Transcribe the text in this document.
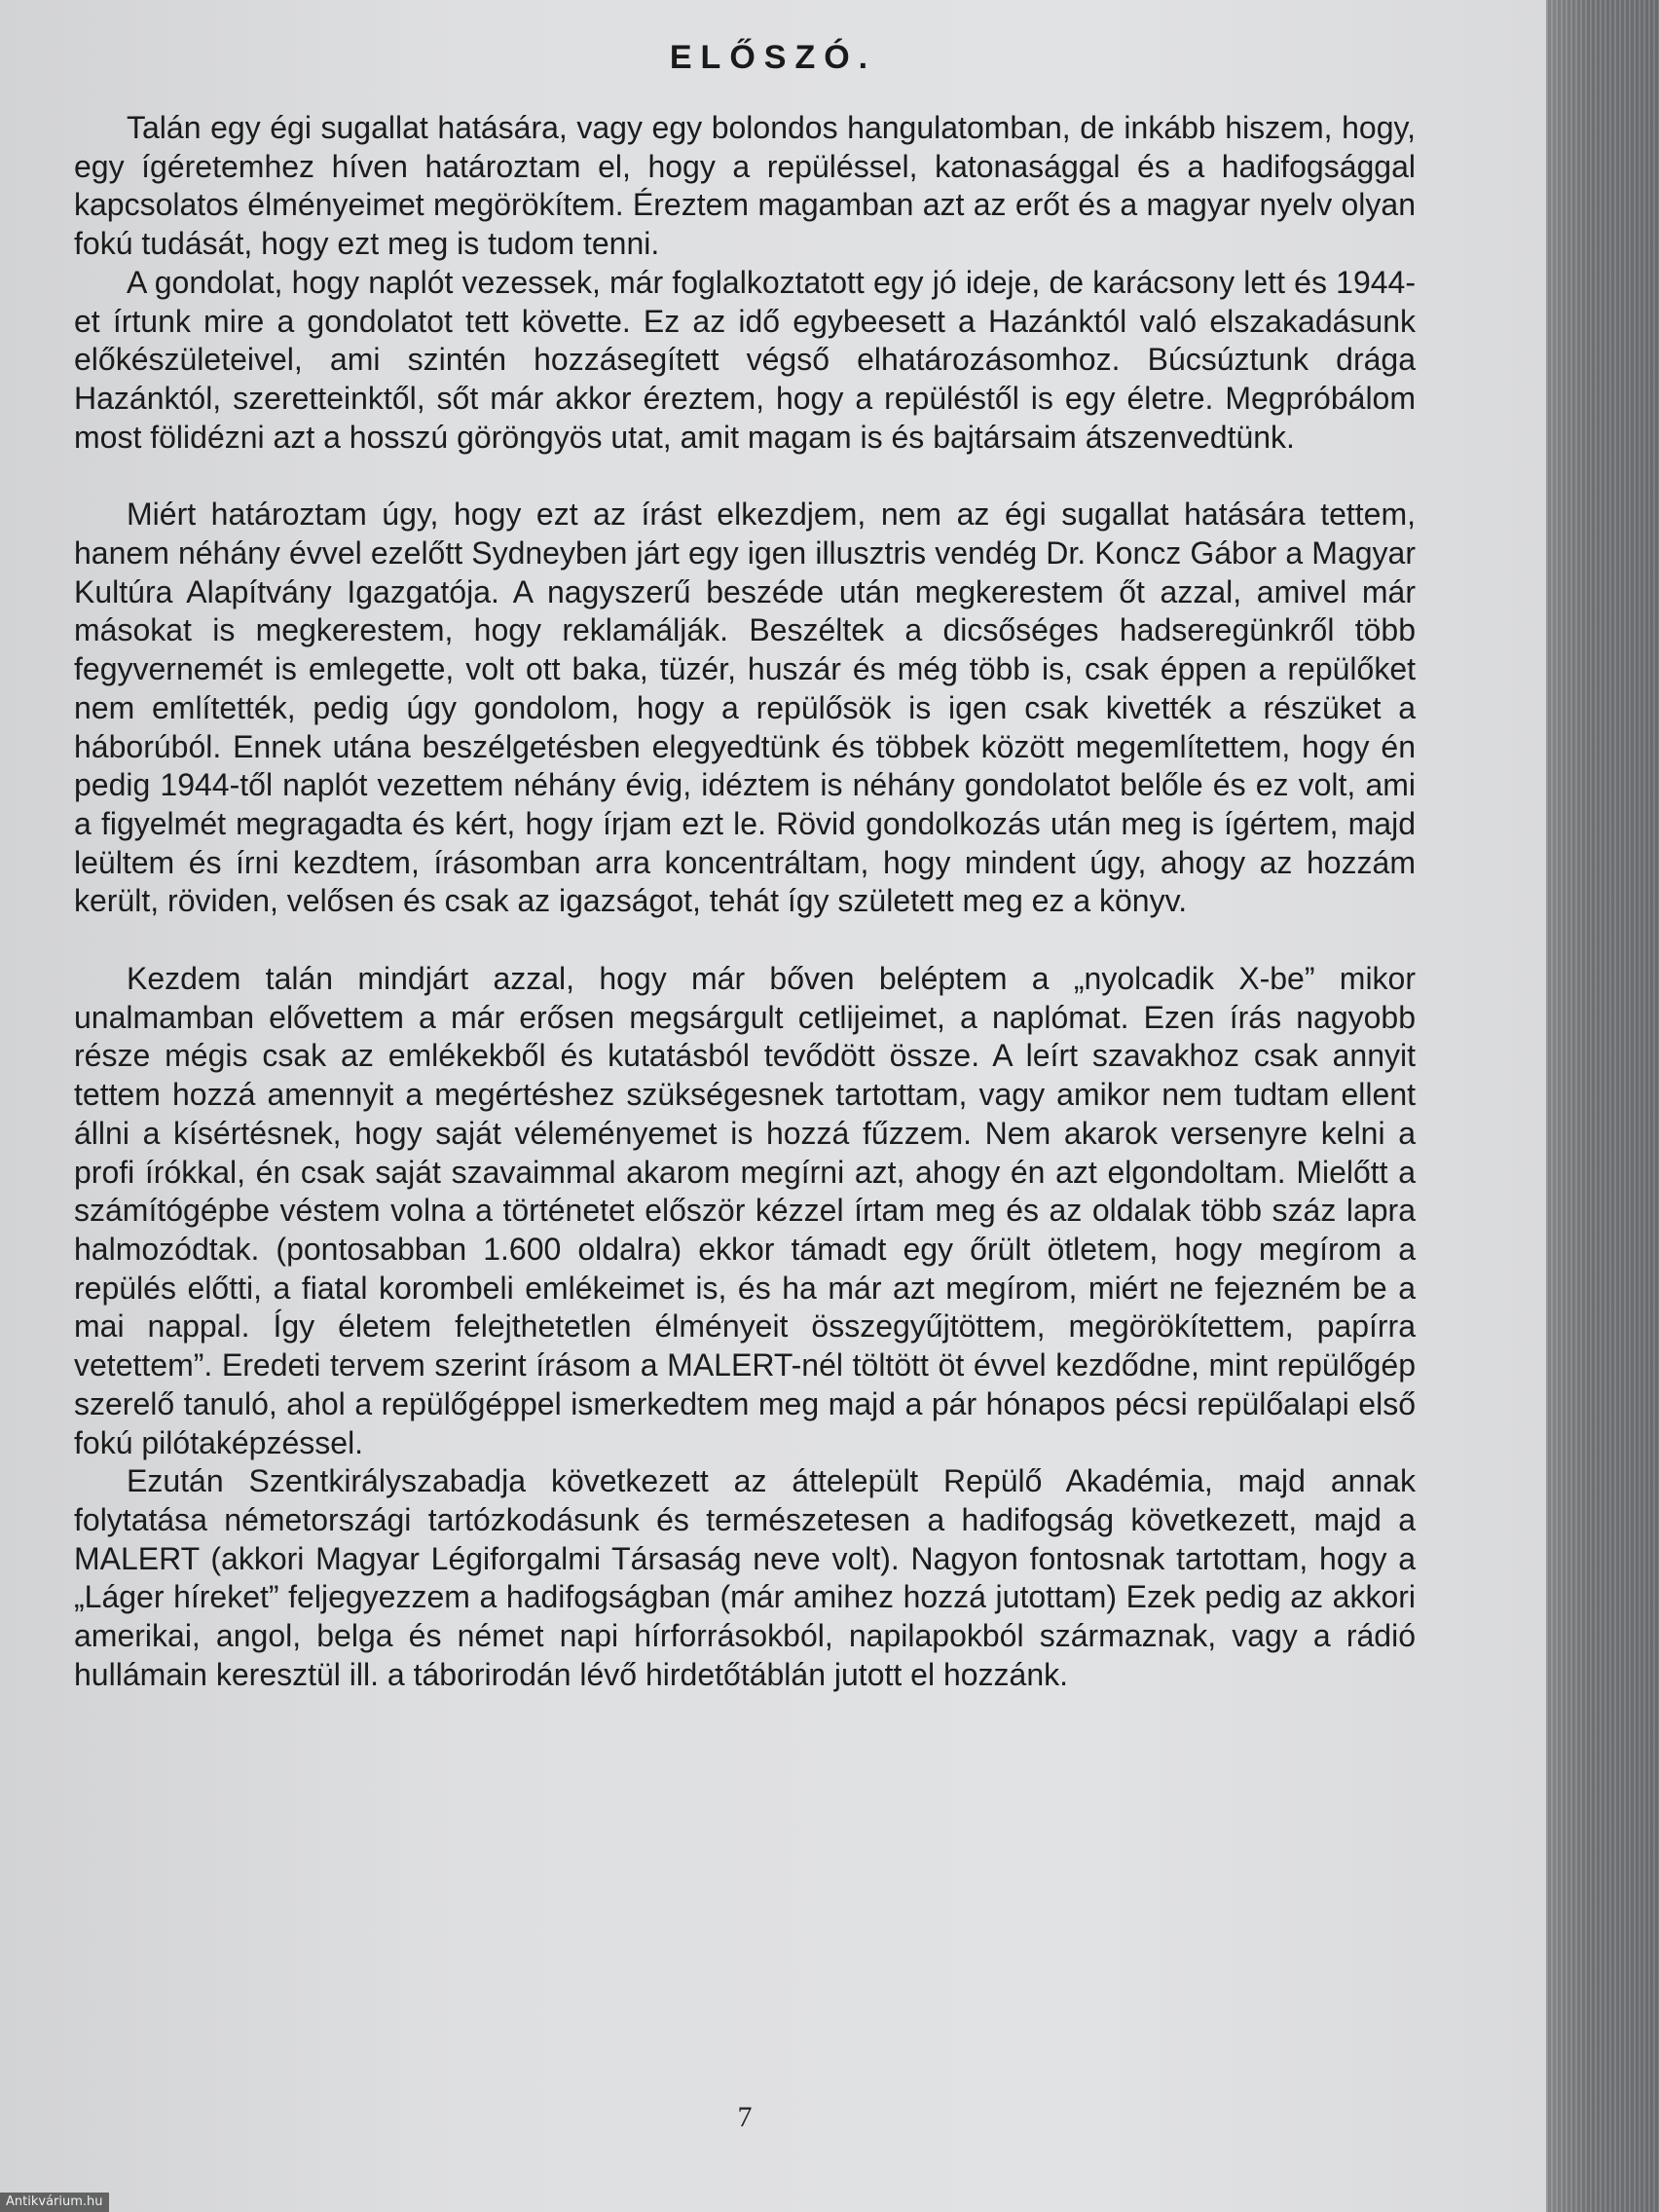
ELŐSZÓ.

Talán egy égi sugallat hatására, vagy egy bolondos hangulatomban, de inkább hiszem, hogy, egy ígéretemhez híven határoztam el, hogy a repüléssel, katonasággal és a hadifogsággal kapcsolatos élményeimet megörökítem. Éreztem magamban azt az erőt és a magyar nyelv olyan fokú tudását, hogy ezt meg is tudom tenni.

A gondolat, hogy naplót vezessek, már foglalkoztatott egy jó ideje, de karácsony lett és 1944-et írtunk mire a gondolatot tett követte. Ez az idő egybeesett a Hazánktól való elszakadásunk előkészületeivel, ami szintén hozzásegített végső elhatározásomhoz. Búcsúztunk drága Hazánktól, szeretteinktől, sőt már akkor éreztem, hogy a repüléstől is egy életre. Megpróbálom most fölidézni azt a hosszú göröngyös utat, amit magam is és bajtársaim átszenvedtünk.

Miért határoztam úgy, hogy ezt az írást elkezdjem, nem az égi sugallat hatására tettem, hanem néhány évvel ezelőtt Sydneyben járt egy igen illusztris vendég Dr. Koncz Gábor a Magyar Kultúra Alapítvány Igazgatója. A nagyszerű beszéde után megkerestem őt azzal, amivel már másokat is megkerestem, hogy reklamálják. Beszéltek a dicsőséges hadseregünkről több fegyvernemét is emlegette, volt ott baka, tüzér, huszár és még több is, csak éppen a repülőket nem említették, pedig úgy gondolom, hogy a repülősök is igen csak kivették a részüket a háborúból. Ennek utána beszélgetésben elegyedtünk és többek között megemlítettem, hogy én pedig 1944-től naplót vezettem néhány évig, idéztem is néhány gondolatot belőle és ez volt, ami a figyelmét megragadta és kért, hogy írjam ezt le. Rövid gondolkozás után meg is ígértem, majd leültem és írni kezdtem, írásomban arra koncentráltam, hogy mindent úgy, ahogy az hozzám került, röviden, velősen és csak az igazságot, tehát így született meg ez a könyv.

Kezdem talán mindjárt azzal, hogy már bőven beléptem a „nyolcadik X-be” mikor unalmamban elővettem a már erősen megsárgult cetlijeimet, a naplómat. Ezen írás nagyobb része mégis csak az emlékekből és kutatásból tevődött össze. A leírt szavakhoz csak annyit tettem hozzá amennyit a megértéshez szükségesnek tartottam, vagy amikor nem tudtam ellent állni a kísértésnek, hogy saját véleményemet is hozzá fűzzem. Nem akarok versenyre kelni a profi írókkal, én csak saját szavaimmal akarom megírni azt, ahogy én azt elgondoltam. Mielőtt a számítógépbe véstem volna a történetet először kézzel írtam meg és az oldalak több száz lapra halmozódtak. (pontosabban 1.600 oldalra) ekkor támadt egy őrült ötletem, hogy megírom a repülés előtti, a fiatal korombeli emlékeimet is, és ha már azt megírom, miért ne fejezném be a mai nappal. Így életem felejthetetlen élményeit összegyűjtöttem, megörökítettem, papírra vetettem”. Eredeti tervem szerint írásom a MALERT-nél töltött öt évvel kezdődne, mint repülőgép szerelő tanuló, ahol a repülőgéppel ismerkedtem meg majd a pár hónapos pécsi repülőalapi első fokú pilótaképzéssel.

Ezután Szentkirályszabadja következett az áttelepült Repülő Akadémia, majd annak folytatása németországi tartózkodásunk és természetesen a hadifogság következett, majd a MALERT (akkori Magyar Légiforgalmi Társaság neve volt). Nagyon fontosnak tartottam, hogy a „Láger híreket” feljegyezzem a hadifogságban (már amihez hozzá jutottam) Ezek pedig az akkori amerikai, angol, belga és német napi hírforrásokból, napilapokból származnak, vagy a rádió hullámain keresztül ill. a táborirodán lévő hirdetőtáblán jutott el hozzánk.

7
Antikvárium.hu
